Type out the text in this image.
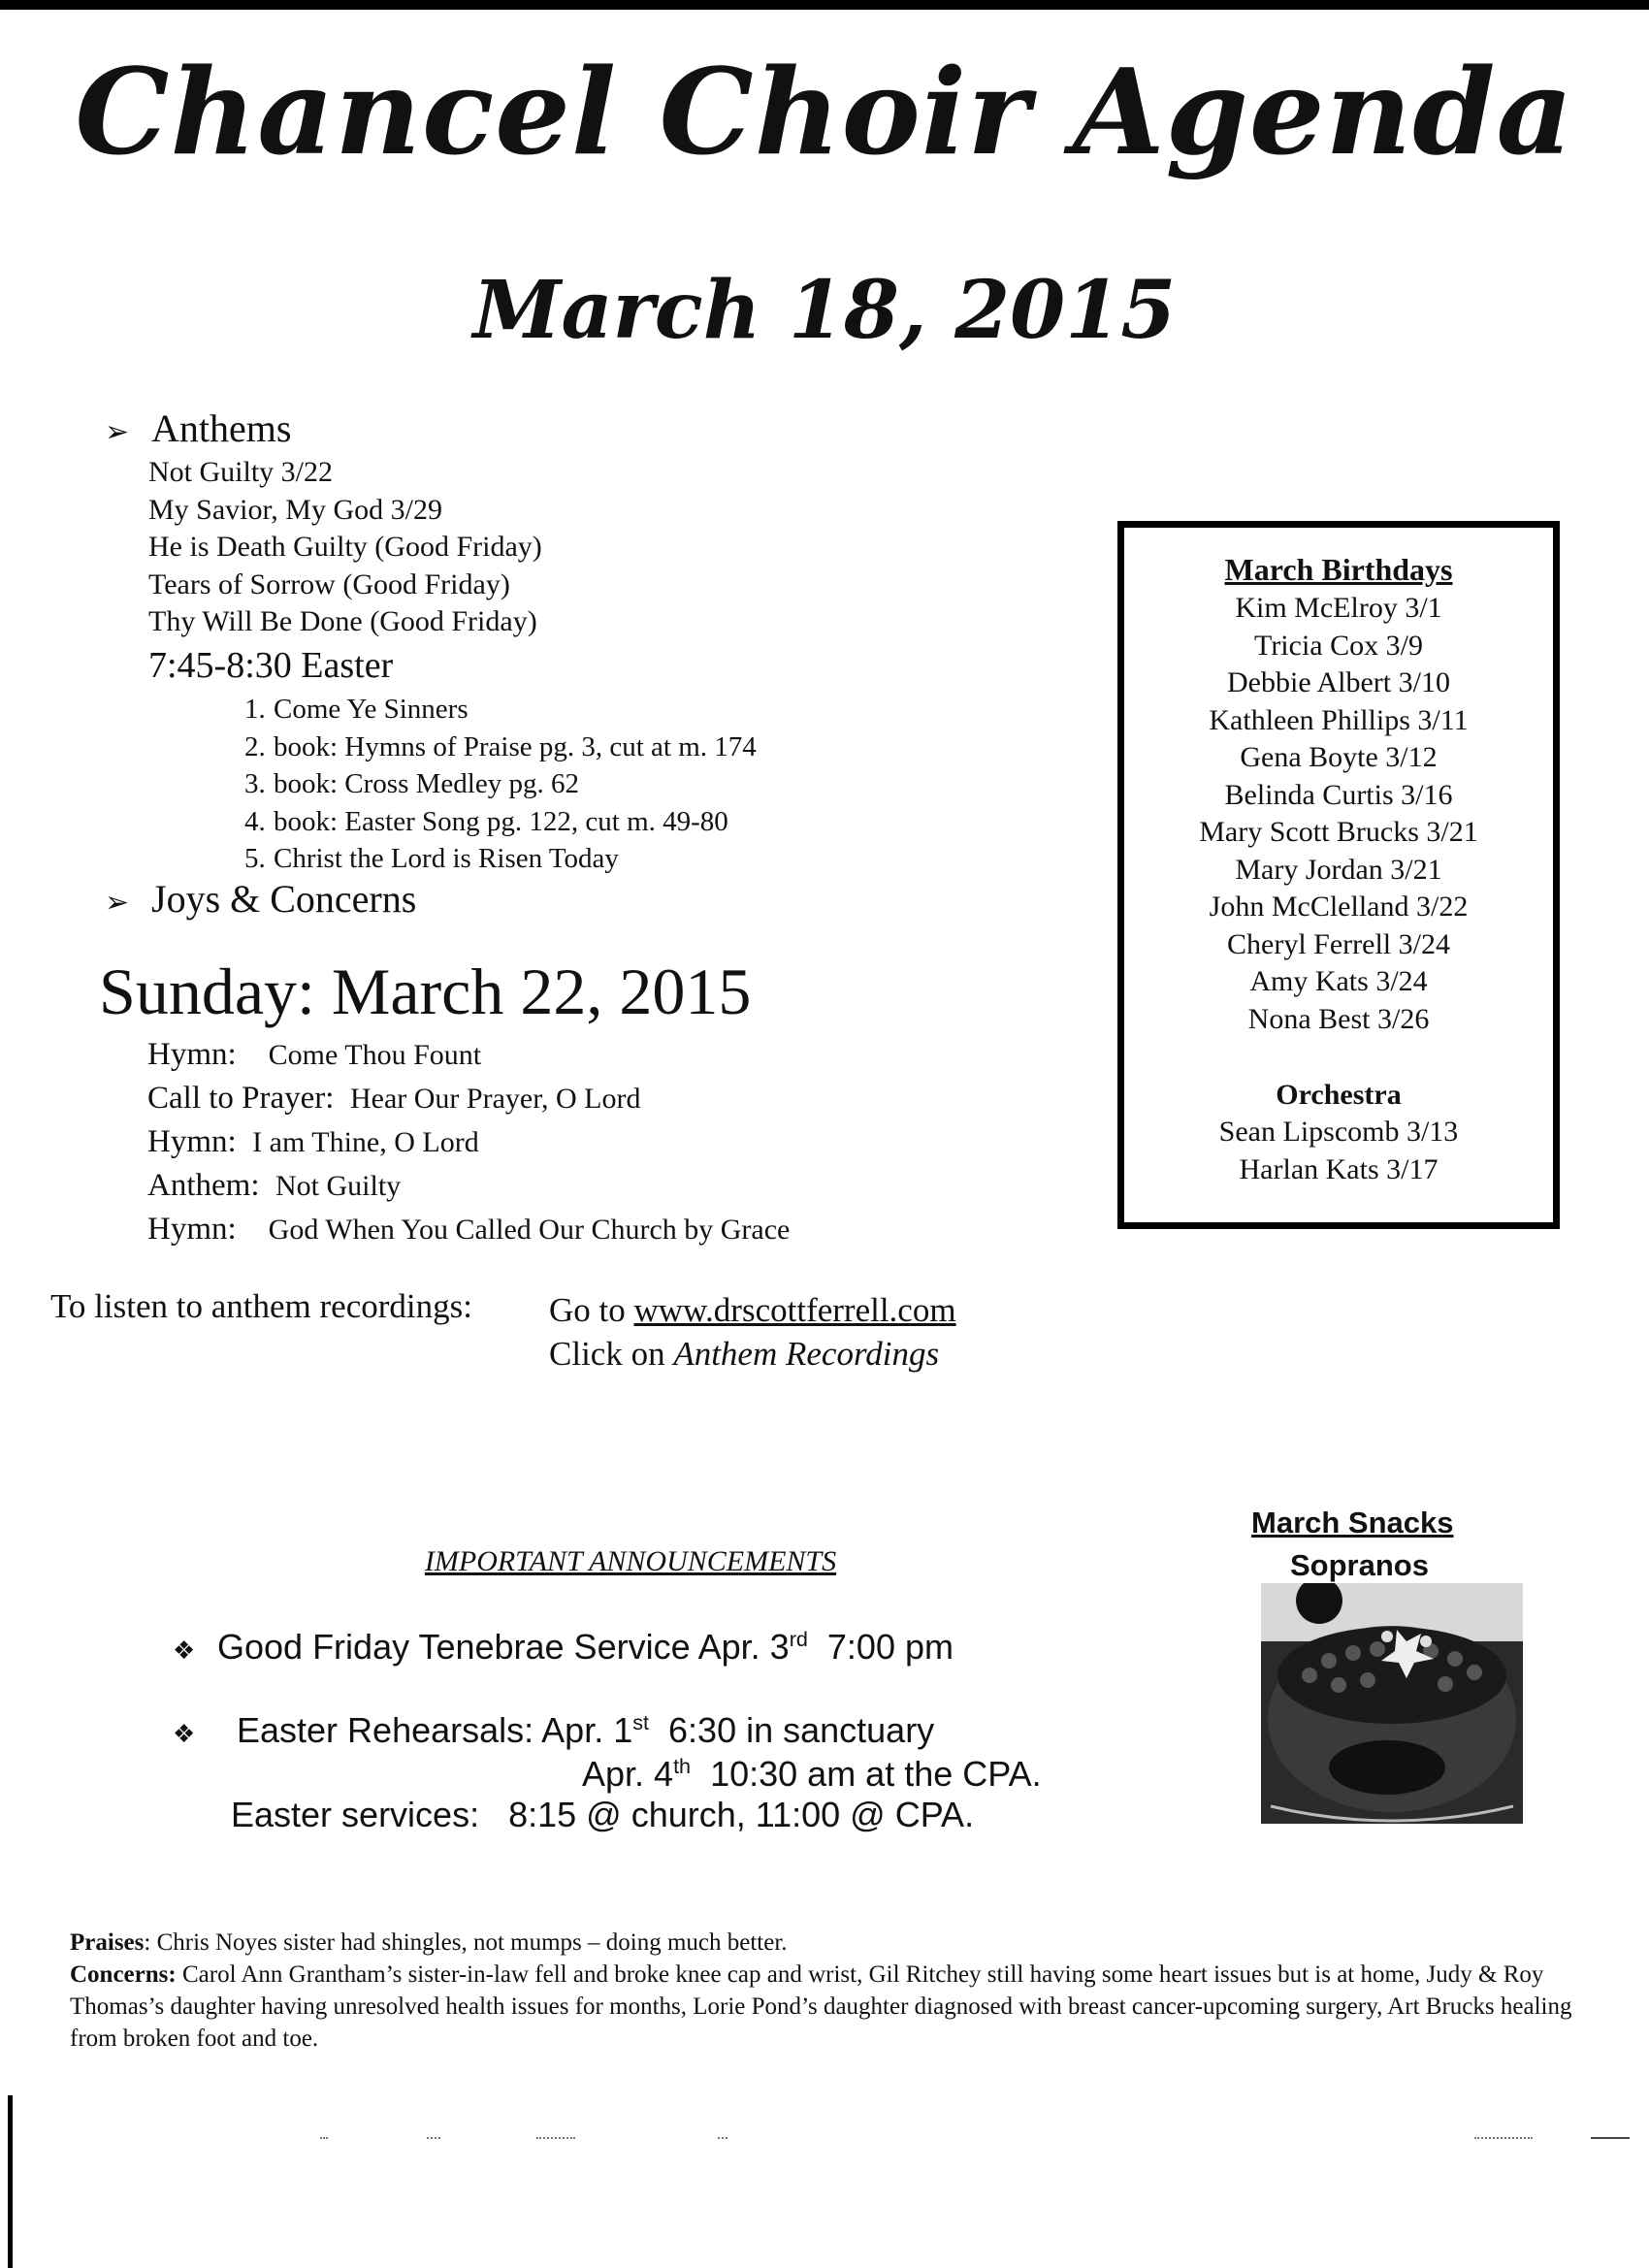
Chancel Choir Agenda
March 18, 2015
➢ Anthems
Not Guilty 3/22
My Savior, My God 3/29
He is Death Guilty (Good Friday)
Tears of Sorrow (Good Friday)
Thy Will Be Done (Good Friday)
7:45-8:30 Easter
1. Come Ye Sinners
2. book: Hymns of Praise pg. 3, cut at m. 174
3. book: Cross Medley pg. 62
4. book: Easter Song pg. 122, cut m. 49-80
5. Christ the Lord is Risen Today
➢ Joys & Concerns
Sunday: March 22, 2015
Hymn: Come Thou Fount
Call to Prayer: Hear Our Prayer, O Lord
Hymn: I am Thine, O Lord
Anthem: Not Guilty
Hymn: God When You Called Our Church by Grace
To listen to anthem recordings: Go to www.drscottferrell.com
Click on Anthem Recordings
March Birthdays
Kim McElroy 3/1
Tricia Cox 3/9
Debbie Albert 3/10
Kathleen Phillips 3/11
Gena Boyte 3/12
Belinda Curtis 3/16
Mary Scott Brucks 3/21
Mary Jordan 3/21
John McClelland 3/22
Cheryl Ferrell 3/24
Amy Kats 3/24
Nona Best 3/26
Orchestra
Sean Lipscomb 3/13
Harlan Kats 3/17
IMPORTANT ANNOUNCEMENTS
❖ Good Friday Tenebrae Service Apr. 3rd  7:00 pm
❖ Easter Rehearsals: Apr. 1st  6:30 in sanctuary
Apr. 4th  10:30 am at the CPA.
Easter services:   8:15 @ church, 11:00 @ CPA.
March Snacks
Sopranos
Praises: Chris Noyes sister had shingles, not mumps – doing much better.
Concerns: Carol Ann Grantham’s sister-in-law fell and broke knee cap and wrist, Gil Ritchey still having some heart issues but is at home, Judy & Roy Thomas’s daughter having unresolved health issues for months, Lorie Pond’s daughter diagnosed with breast cancer-upcoming surgery, Art Brucks healing from broken foot and toe.
